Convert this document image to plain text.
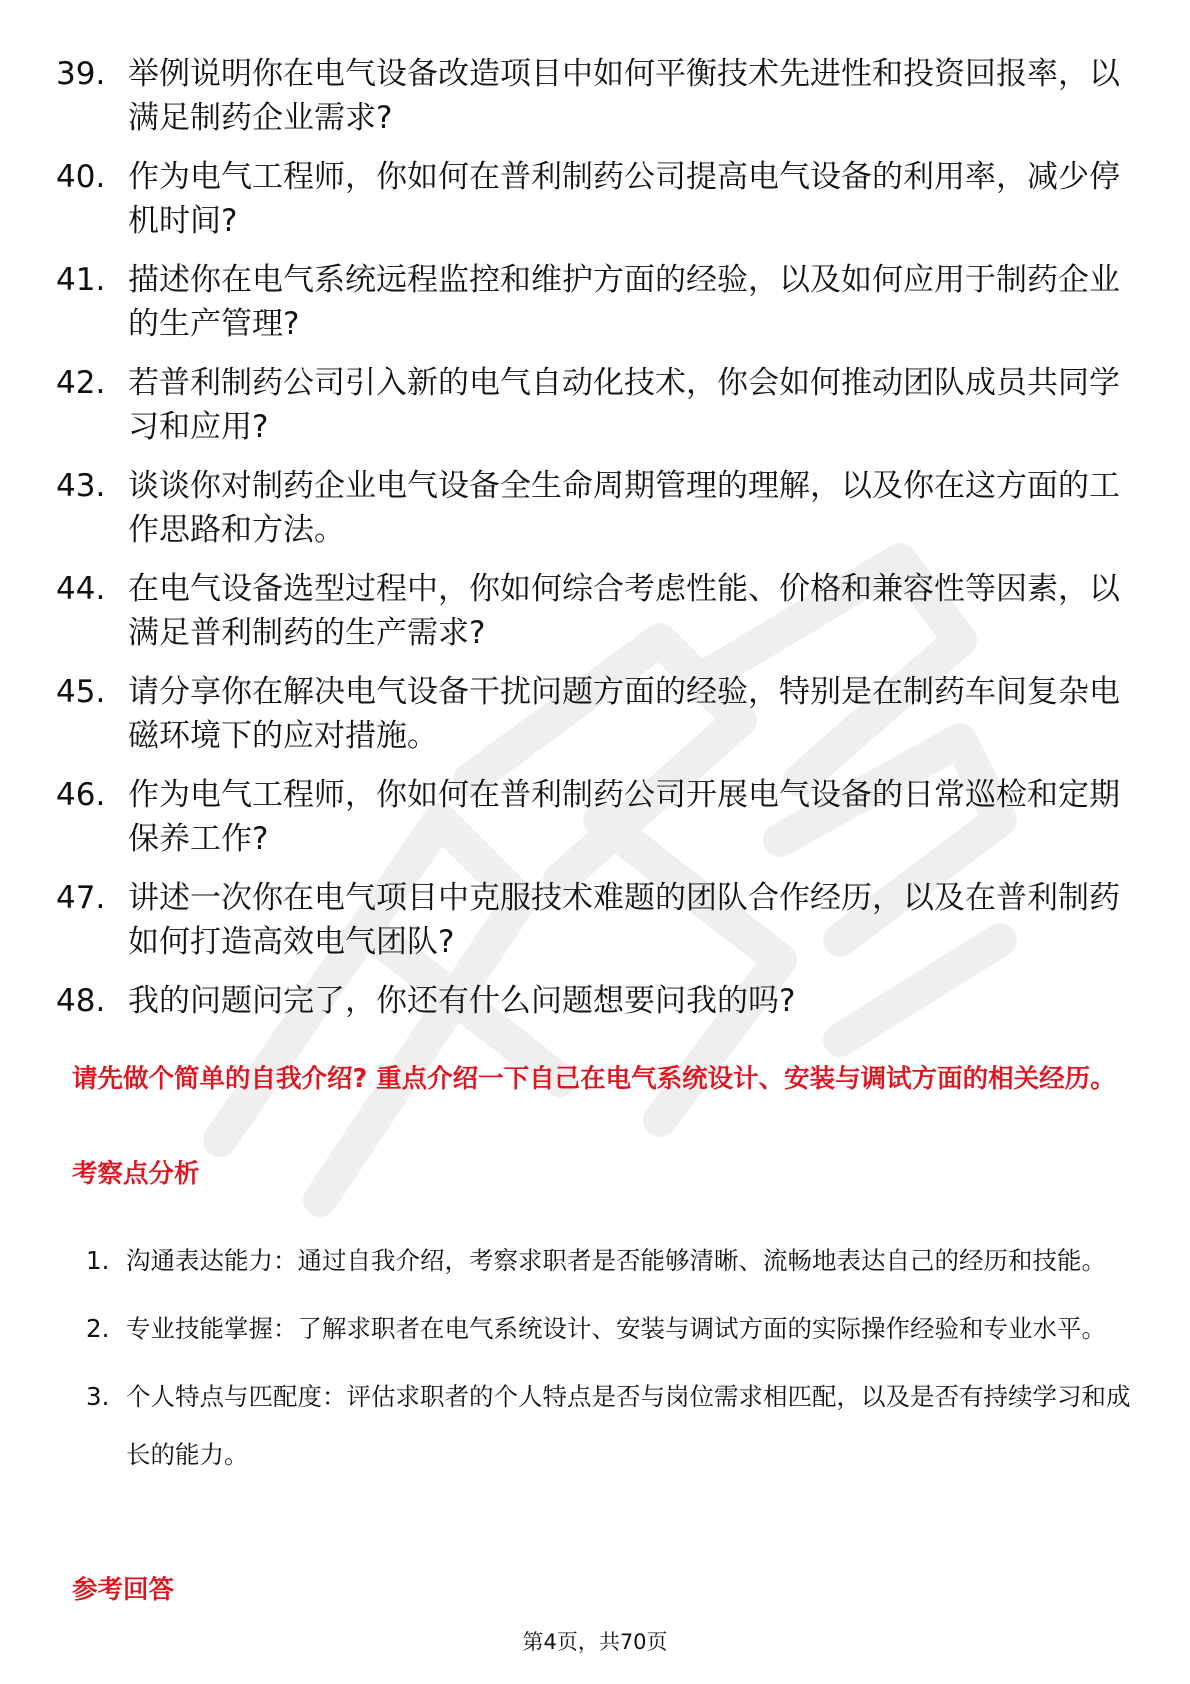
39. 举例说明你在电气设备改造项目中如何平衡技术先进性和投资回报率，以满足制药企业需求?
40. 作为电气工程师，你如何在普利制药公司提高电气设备的利用率，减少停机时间?
41. 描述你在电气系统远程监控和维护方面的经验，以及如何应用于制药企业的生产管理?
42. 若普利制药公司引入新的电气自动化技术，你会如何推动团队成员共同学习和应用?
43. 谈谈你对制药企业电气设备全生命周期管理的理解，以及你在这方面的工作思路和方法。
44. 在电气设备选型过程中，你如何综合考虑性能、价格和兼容性等因素，以满足普利制药的生产需求?
45. 请分享你在解决电气设备干扰问题方面的经验，特别是在制药车间复杂电磁环境下的应对措施。
46. 作为电气工程师，你如何在普利制药公司开展电气设备的日常巡检和定期保养工作?
47. 讲述一次你在电气项目中克服技术难题的团队合作经历，以及在普利制药如何打造高效电气团队?
48. 我的问题问完了，你还有什么问题想要问我的吗?

请先做个简单的自我介绍? 重点介绍一下自己在电气系统设计、安装与调试方面的相关经历。

考察点分析

1. 沟通表达能力：通过自我介绍，考察求职者是否能够清晰、流畅地表达自己的经历和技能。
2. 专业技能掌握：了解求职者在电气系统设计、安装与调试方面的实际操作经验和专业水平。
3. 个人特点与匹配度：评估求职者的个人特点是否与岗位需求相匹配，以及是否有持续学习和成长的能力。

参考回答

第4页，共70页
